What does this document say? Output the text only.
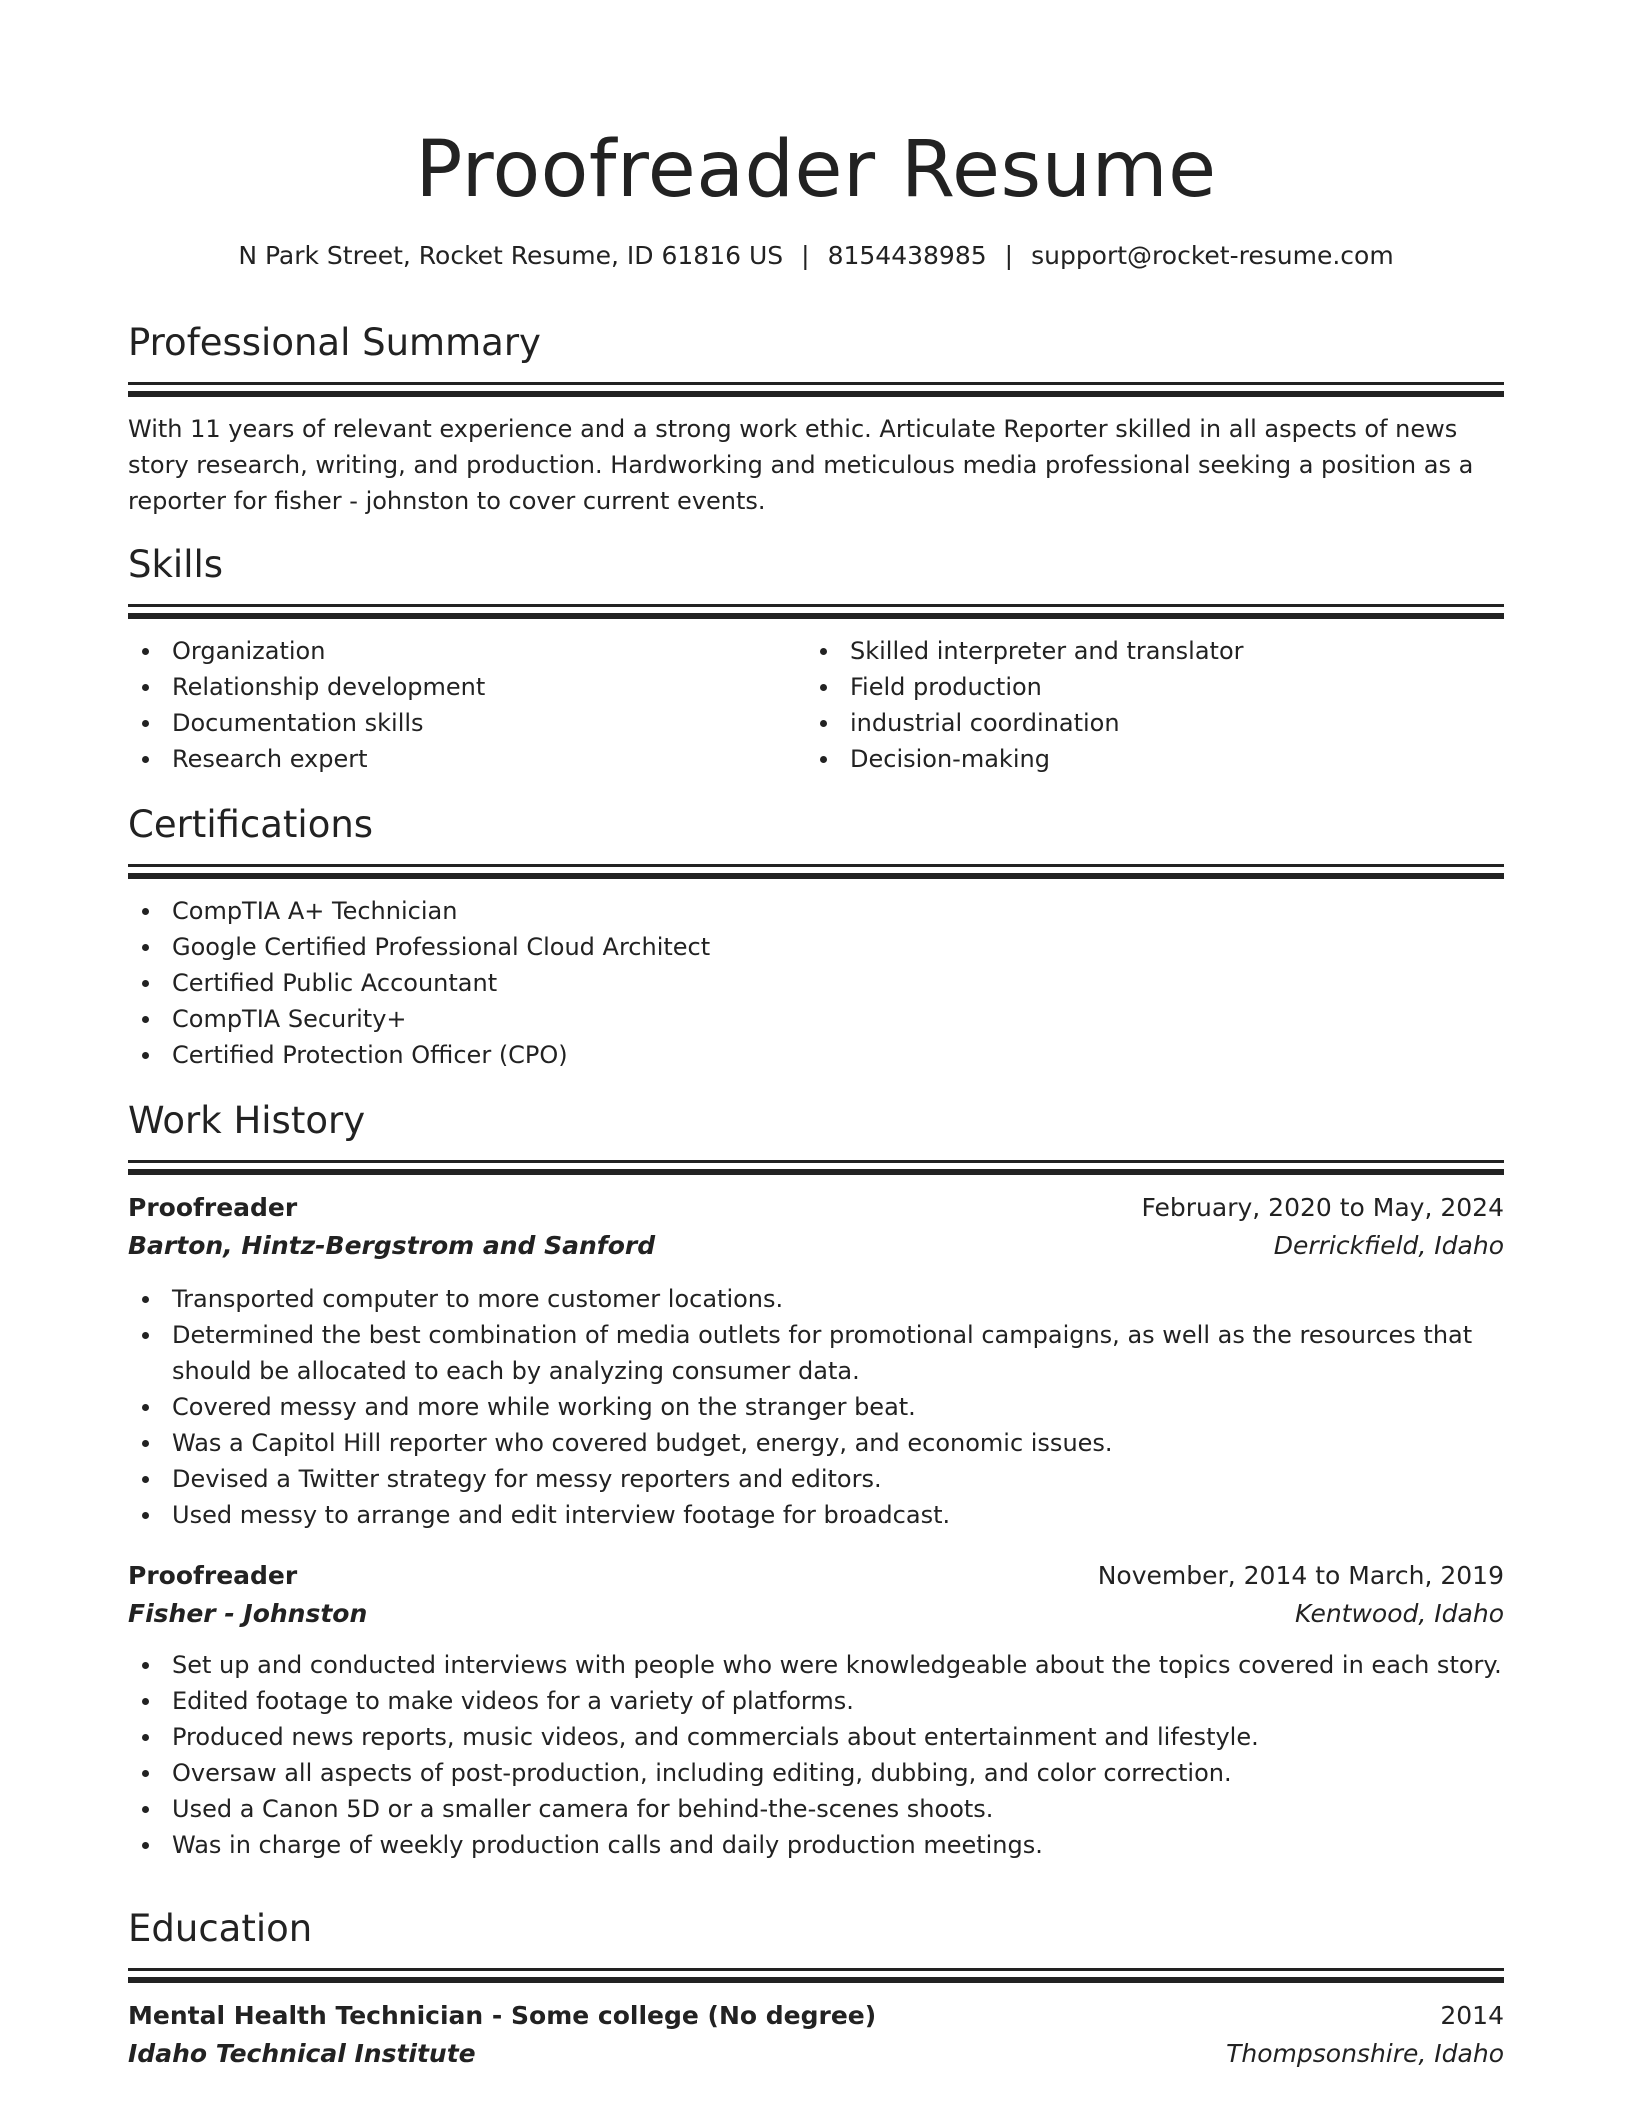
Proofreader Resume
N Park Street, Rocket Resume, ID 61816 US | 8154438985 | support@rocket-resume.com
Professional Summary
With 11 years of relevant experience and a strong work ethic. Articulate Reporter skilled in all aspects of news story research, writing, and production. Hardworking and meticulous media professional seeking a position as a reporter for fisher - johnston to cover current events.
Skills
Organization
Relationship development
Documentation skills
Research expert
Skilled interpreter and translator
Field production
industrial coordination
Decision-making
Certifications
CompTIA A+ Technician
Google Certified Professional Cloud Architect
Certified Public Accountant
CompTIA Security+
Certified Protection Officer (CPO)
Work History
Proofreader	February, 2020 to May, 2024
Barton, Hintz-Bergstrom and Sanford	Derrickfield, Idaho
Transported computer to more customer locations.
Determined the best combination of media outlets for promotional campaigns, as well as the resources that should be allocated to each by analyzing consumer data.
Covered messy and more while working on the stranger beat.
Was a Capitol Hill reporter who covered budget, energy, and economic issues.
Devised a Twitter strategy for messy reporters and editors.
Used messy to arrange and edit interview footage for broadcast.
Proofreader	November, 2014 to March, 2019
Fisher - Johnston	Kentwood, Idaho
Set up and conducted interviews with people who were knowledgeable about the topics covered in each story.
Edited footage to make videos for a variety of platforms.
Produced news reports, music videos, and commercials about entertainment and lifestyle.
Oversaw all aspects of post-production, including editing, dubbing, and color correction.
Used a Canon 5D or a smaller camera for behind-the-scenes shoots.
Was in charge of weekly production calls and daily production meetings.
Education
Mental Health Technician - Some college (No degree)	2014
Idaho Technical Institute	Thompsonshire, Idaho
